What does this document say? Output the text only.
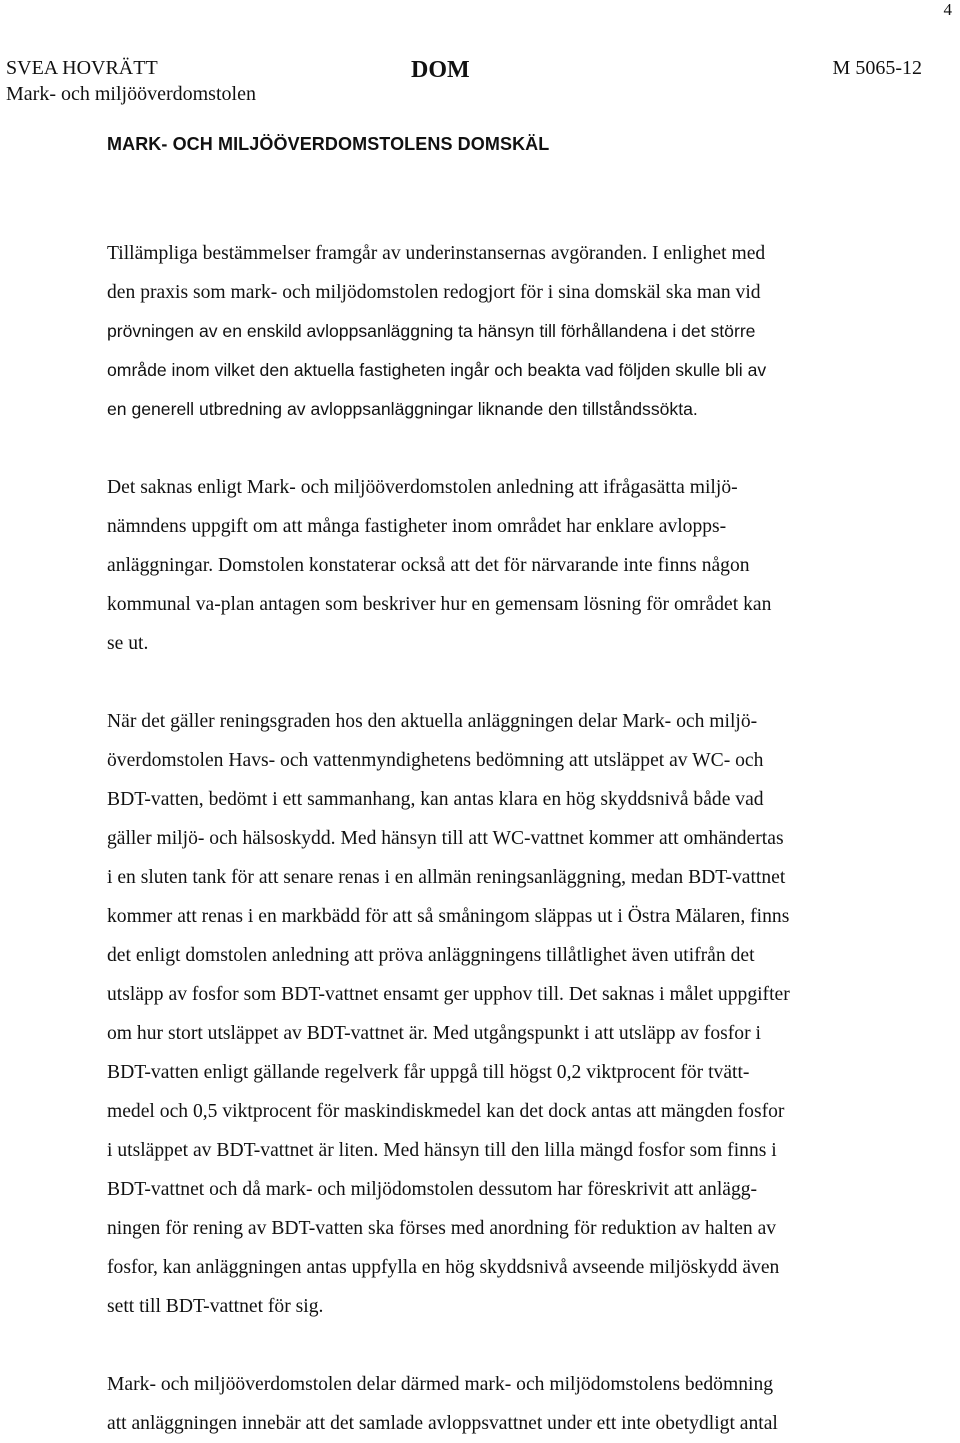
4
SVEA HOVRÄTT
Mark- och miljööverdomstolen
DOM	M 5065-12
MARK- OCH MILJÖÖVERDOMSTOLENS DOMSKÄL

Tillämpliga bestämmelser framgår av underinstansernas avgöranden. I enlighet med
den praxis som mark- och miljödomstolen redogjort för i sina domskäl ska man vid
prövningen av en enskild avloppsanläggning ta hänsyn till förhållandena i det större
område inom vilket den aktuella fastigheten ingår och beakta vad följden skulle bli av
en generell utbredning av avloppsanläggningar liknande den tillståndssökta.

Det saknas enligt Mark- och miljööverdomstolen anledning att ifrågasätta miljö-
nämndens uppgift om att många fastigheter inom området har enklare avlopps-
anläggningar. Domstolen konstaterar också att det för närvarande inte finns någon
kommunal va-plan antagen som beskriver hur en gemensam lösning för området kan
se ut.

När det gäller reningsgraden hos den aktuella anläggningen delar Mark- och miljö-
överdomstolen Havs- och vattenmyndighetens bedömning att utsläppet av WC- och
BDT-vatten, bedömt i ett sammanhang, kan antas klara en hög skyddsnivå både vad
gäller miljö- och hälsoskydd. Med hänsyn till att WC-vattnet kommer att omhändertas
i en sluten tank för att senare renas i en allmän reningsanläggning, medan BDT-vattnet
kommer att renas i en markbädd för att så småningom släppas ut i Östra Mälaren, finns
det enligt domstolen anledning att pröva anläggningens tillåtlighet även utifrån det
utsläpp av fosfor som BDT-vattnet ensamt ger upphov till. Det saknas i målet uppgifter
om hur stort utsläppet av BDT-vattnet är. Med utgångspunkt i att utsläpp av fosfor i
BDT-vatten enligt gällande regelverk får uppgå till högst 0,2 viktprocent för tvätt-
medel och 0,5 viktprocent för maskindiskmedel kan det dock antas att mängden fosfor
i utsläppet av BDT-vattnet är liten. Med hänsyn till den lilla mängd fosfor som finns i
BDT-vattnet och då mark- och miljödomstolen dessutom har föreskrivit att anlägg-
ningen för rening av BDT-vatten ska förses med anordning för reduktion av halten av
fosfor, kan anläggningen antas uppfylla en hög skyddsnivå avseende miljöskydd även
sett till BDT-vattnet för sig.

Mark- och miljööverdomstolen delar därmed mark- och miljödomstolens bedömning
att anläggningen innebär att det samlade avloppsvattnet under ett inte obetydligt antal
